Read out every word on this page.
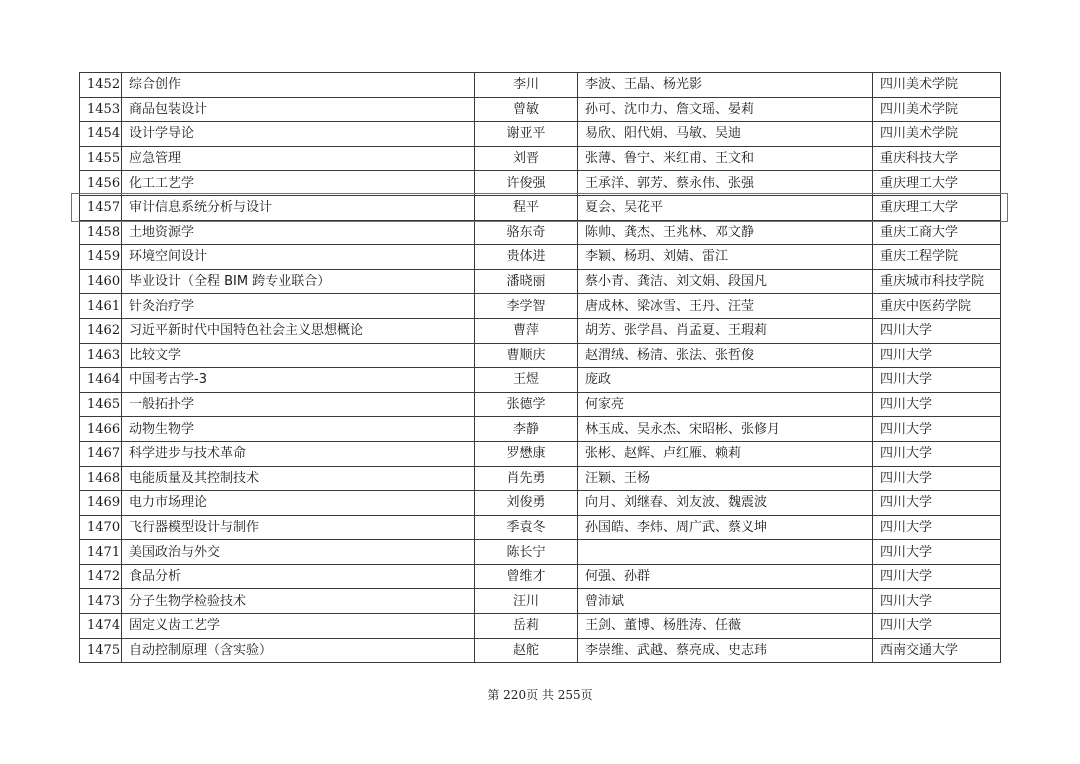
1452	综合创作	李川	李波、王晶、杨光影	四川美术学院
1453	商品包装设计	曾敏	孙可、沈巾力、詹文瑶、晏莉	四川美术学院
1454	设计学导论	谢亚平	易欣、阳代娟、马敏、吴迪	四川美术学院
1455	应急管理	刘晋	张薄、鲁宁、米红甫、王文和	重庆科技大学
1456	化工工艺学	许俊强	王承洋、郭芳、蔡永伟、张强	重庆理工大学
1457	审计信息系统分析与设计	程平	夏会、吴花平	重庆理工大学
1458	土地资源学	骆东奇	陈帅、龚杰、王兆林、邓文静	重庆工商大学
1459	环境空间设计	贵体进	李颖、杨玥、刘婧、雷江	重庆工程学院
1460	毕业设计（全程 BIM 跨专业联合）	潘晓丽	蔡小青、龚洁、刘文娟、段国凡	重庆城市科技学院
1461	针灸治疗学	李学智	唐成林、梁冰雪、王丹、汪莹	重庆中医药学院
1462	习近平新时代中国特色社会主义思想概论	曹萍	胡芳、张学昌、肖孟夏、王瑕莉	四川大学
1463	比较文学	曹顺庆	赵渭绒、杨清、张法、张哲俊	四川大学
1464	中国考古学-3	王煜	庞政	四川大学
1465	一般拓扑学	张德学	何家亮	四川大学
1466	动物生物学	李静	林玉成、吴永杰、宋昭彬、张修月	四川大学
1467	科学进步与技术革命	罗懋康	张彬、赵辉、卢红雁、赖莉	四川大学
1468	电能质量及其控制技术	肖先勇	汪颖、王杨	四川大学
1469	电力市场理论	刘俊勇	向月、刘继春、刘友波、魏震波	四川大学
1470	飞行器模型设计与制作	季袁冬	孙国皓、李炜、周广武、蔡义坤	四川大学
1471	美国政治与外交	陈长宁		四川大学
1472	食品分析	曾维才	何强、孙群	四川大学
1473	分子生物学检验技术	汪川	曾沛斌	四川大学
1474	固定义齿工艺学	岳莉	王剑、董博、杨胜涛、任薇	四川大学
1475	自动控制原理（含实验）	赵舵	李崇维、武越、蔡亮成、史志玮	西南交通大学
第 220页 共 255页
